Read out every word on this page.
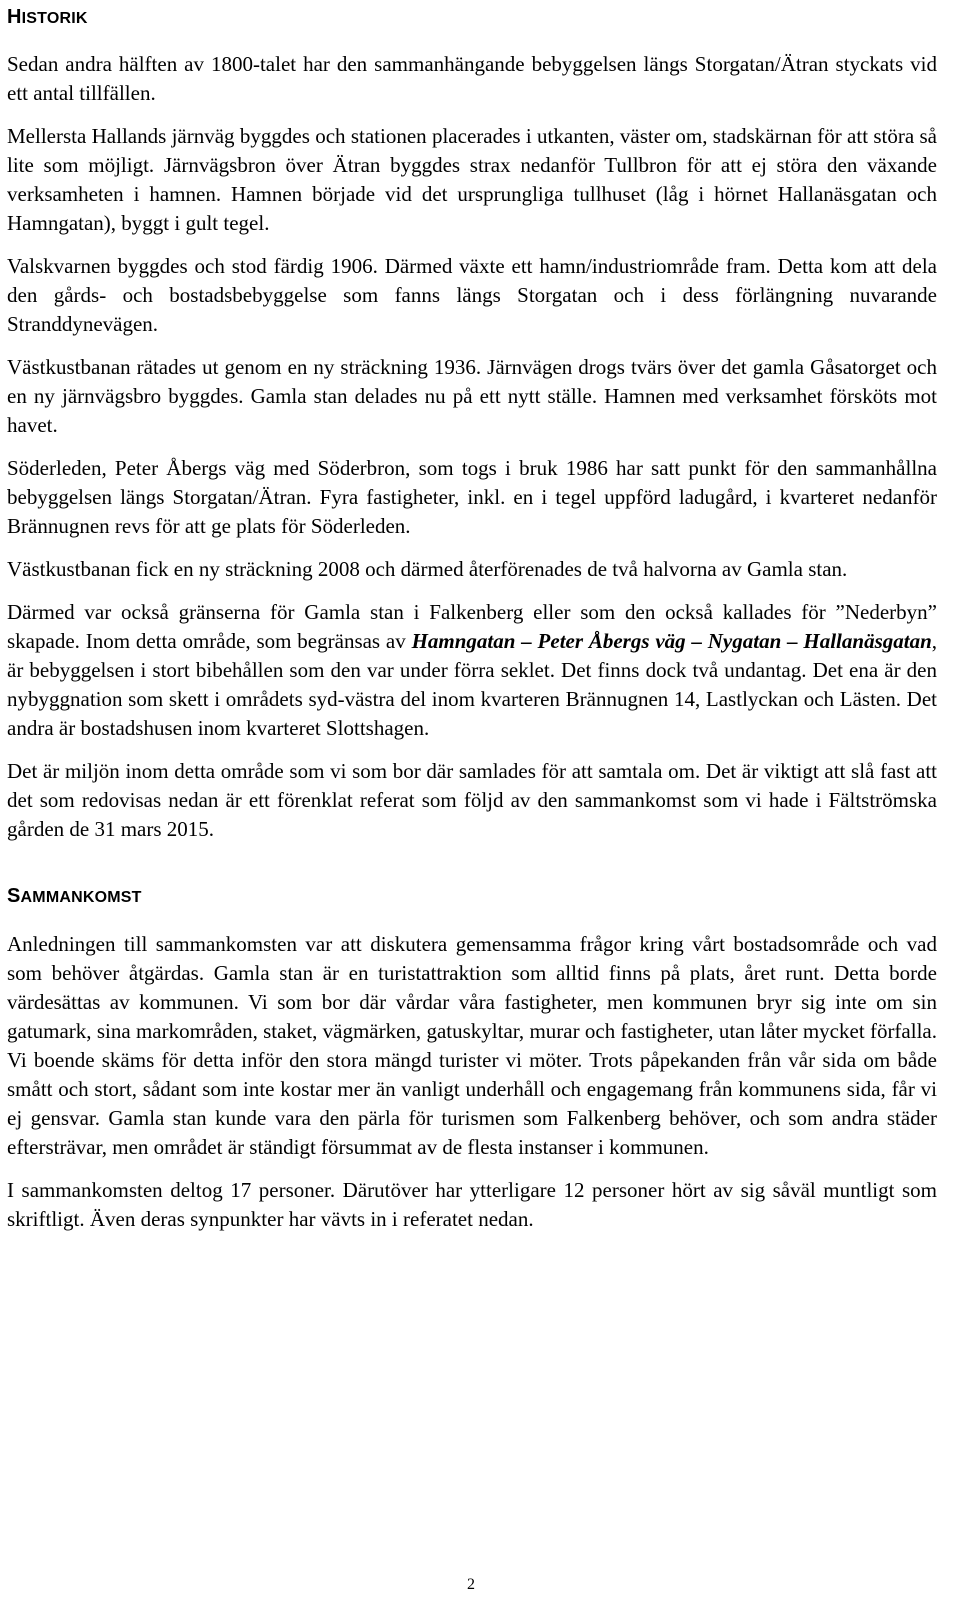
HISTORIK

Sedan andra hälften av 1800-talet har den sammanhängande bebyggelsen längs Storgatan/Ätran styckats vid ett antal tillfällen.

Mellersta Hallands järnväg byggdes och stationen placerades i utkanten, väster om, stadskärnan för att störa så lite som möjligt. Järnvägsbron över Ätran byggdes strax nedanför Tullbron för att ej störa den växande verksamheten i hamnen. Hamnen började vid det ursprungliga tullhuset (låg i hörnet Hallanäsgatan och Hamngatan), byggt i gult tegel.

Valskvarnen byggdes och stod färdig 1906. Därmed växte ett hamn/industriområde fram. Detta kom att dela den gårds- och bostadsbebyggelse som fanns längs Storgatan och i dess förlängning nuvarande Stranddynevägen.

Västkustbanan rätades ut genom en ny sträckning 1936. Järnvägen drogs tvärs över det gamla Gåsatorget och en ny järnvägsbro byggdes. Gamla stan delades nu på ett nytt ställe. Hamnen med verksamhet försköts mot havet.

Söderleden, Peter Åbergs väg med Söderbron, som togs i bruk 1986 har satt punkt för den sammanhållna bebyggelsen längs Storgatan/Ätran. Fyra fastigheter, inkl. en i tegel uppförd ladugård, i kvarteret nedanför Brännugnen revs för att ge plats för Söderleden.

Västkustbanan fick en ny sträckning 2008 och därmed återförenades de två halvorna av Gamla stan.

Därmed var också gränserna för Gamla stan i Falkenberg eller som den också kallades för ”Nederbyn” skapade. Inom detta område, som begränsas av Hamngatan – Peter Åbergs väg – Nygatan – Hallanäsgatan, är bebyggelsen i stort bibehållen som den var under förra seklet. Det finns dock två undantag. Det ena är den nybyggnation som skett i områdets syd-västra del inom kvarteren Brännugnen 14, Lastlyckan och Lästen. Det andra är bostadshusen inom kvarteret Slottshagen.

Det är miljön inom detta område som vi som bor där samlades för att samtala om. Det är viktigt att slå fast att det som redovisas nedan är ett förenklat referat som följd av den sammankomst som vi hade i Fältströmska gården de 31 mars 2015.

SAMMANKOMST

Anledningen till sammankomsten var att diskutera gemensamma frågor kring vårt bostadsområde och vad som behöver åtgärdas. Gamla stan är en turistattraktion som alltid finns på plats, året runt. Detta borde värdesättas av kommunen. Vi som bor där vårdar våra fastigheter, men kommunen bryr sig inte om sin gatumark, sina markområden, staket, vägmärken, gatuskyltar, murar och fastigheter, utan låter mycket förfalla. Vi boende skäms för detta inför den stora mängd turister vi möter. Trots påpekanden från vår sida om både smått och stort, sådant som inte kostar mer än vanligt underhåll och engagemang från kommunens sida, får vi ej gensvar. Gamla stan kunde vara den pärla för turismen som Falkenberg behöver, och som andra städer eftersträvar, men området är ständigt försummat av de flesta instanser i kommunen.

I sammankomsten deltog 17 personer. Därutöver har ytterligare 12 personer hört av sig såväl muntligt som skriftligt. Även deras synpunkter har vävts in i referatet nedan.

2
